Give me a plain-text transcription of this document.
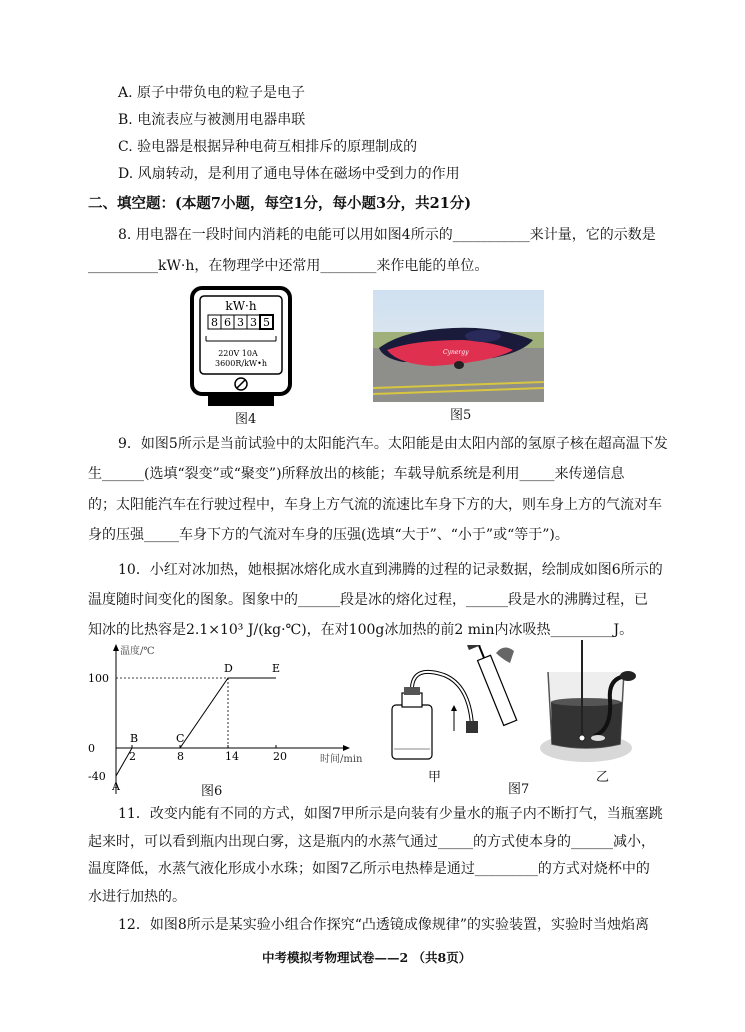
A. 原子中带负电的粒子是电子
B. 电流表应与被测用电器串联
C. 验电器是根据异种电荷互相排斥的原理制成的
D. 风扇转动，是利用了通电导体在磁场中受到力的作用
二、填空题：(本题7小题，每空1分，每小题3分，共21分)
8. 用电器在一段时间内消耗的电能可以用如图4所示的___________来计量，它的示数是
__________kW·h，在物理学中还常用________来作电能的单位。
kW·h
8 6 3 3 5
220V 10A
3600R/kW•h
图4
Cynergy
图5
9．如图5所示是当前试验中的太阳能汽车。太阳能是由太阳内部的氢原子核在超高温下发
生______(选填“裂变”或“聚变”)所释放出的核能；车载导航系统是利用_____来传递信息
的；太阳能汽车在行驶过程中，车身上方气流的流速比车身下方的大，则车身上方的气流对车
身的压强_____车身下方的气流对车身的压强(选填“大于”、“小于”或“等于”)。
10．小红对冰加热，她根据冰熔化成水直到沸腾的过程的记录数据，绘制成如图6所示的
温度随时间变化的图象。图象中的______段是冰的熔化过程，______段是水的沸腾过程，已
知冰的比热容是2.1×10³ J/(kg·℃)，在对100g冰加热的前2 min内冰吸热_________J。
温度/℃
时间/min
A
B	C
D	E
2	8	14	20
100
0
-40
图6
甲
图7
乙
11．改变内能有不同的方式，如图7甲所示是向装有少量水的瓶子内不断打气，当瓶塞跳
起来时，可以看到瓶内出现白雾，这是瓶内的水蒸气通过_____的方式使本身的______减小，
温度降低，水蒸气液化形成小水珠；如图7乙所示电热棒是通过_________的方式对烧杯中的
水进行加热的。
12．如图8所示是某实验小组合作探究“凸透镜成像规律”的实验装置，实验时当烛焰离
中考模拟考物理试卷——2 （共8页）
